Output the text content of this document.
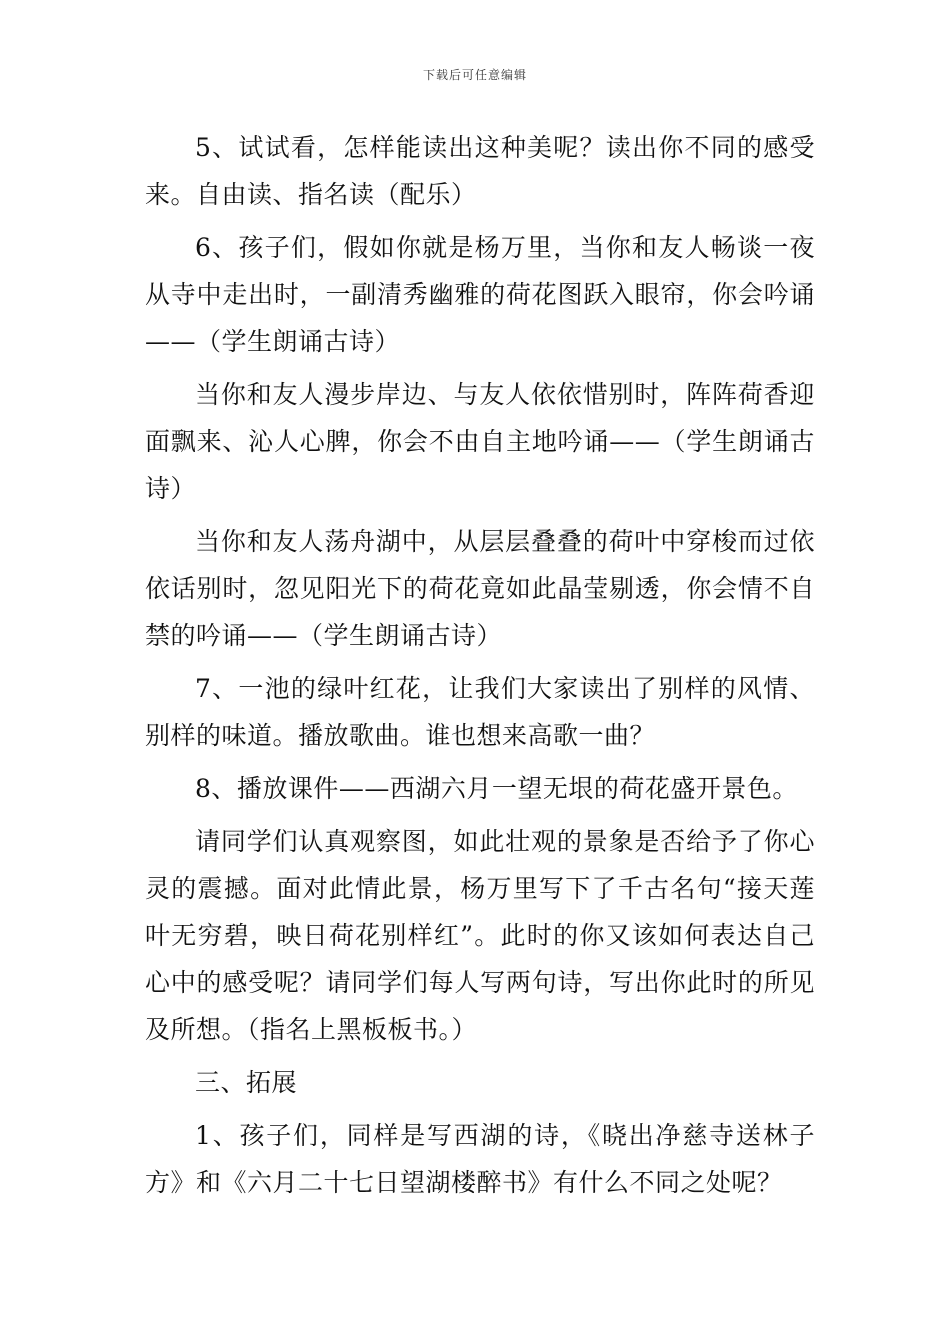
下载后可任意编辑

5、试试看，怎样能读出这种美呢？读出你不同的感受来。自由读、指名读（配乐）

6、孩子们，假如你就是杨万里，当你和友人畅谈一夜从寺中走出时，一副清秀幽雅的荷花图跃入眼帘，你会吟诵——（学生朗诵古诗）

当你和友人漫步岸边、与友人依依惜别时，阵阵荷香迎面飘来、沁人心脾，你会不由自主地吟诵——（学生朗诵古诗）

当你和友人荡舟湖中，从层层叠叠的荷叶中穿梭而过依依话别时，忽见阳光下的荷花竟如此晶莹剔透，你会情不自禁的吟诵——（学生朗诵古诗）

7、一池的绿叶红花，让我们大家读出了别样的风情、别样的味道。播放歌曲。谁也想来高歌一曲？

8、播放课件——西湖六月一望无垠的荷花盛开景色。

请同学们认真观察图，如此壮观的景象是否给予了你心灵的震撼。面对此情此景，杨万里写下了千古名句“接天莲叶无穷碧，映日荷花别样红”。此时的你又该如何表达自己心中的感受呢？请同学们每人写两句诗，写出你此时的所见及所想。（指名上黑板板书。）

三、拓展

1、孩子们，同样是写西湖的诗，《晓出净慈寺送林子方》和《六月二十七日望湖楼醉书》有什么不同之处呢？
